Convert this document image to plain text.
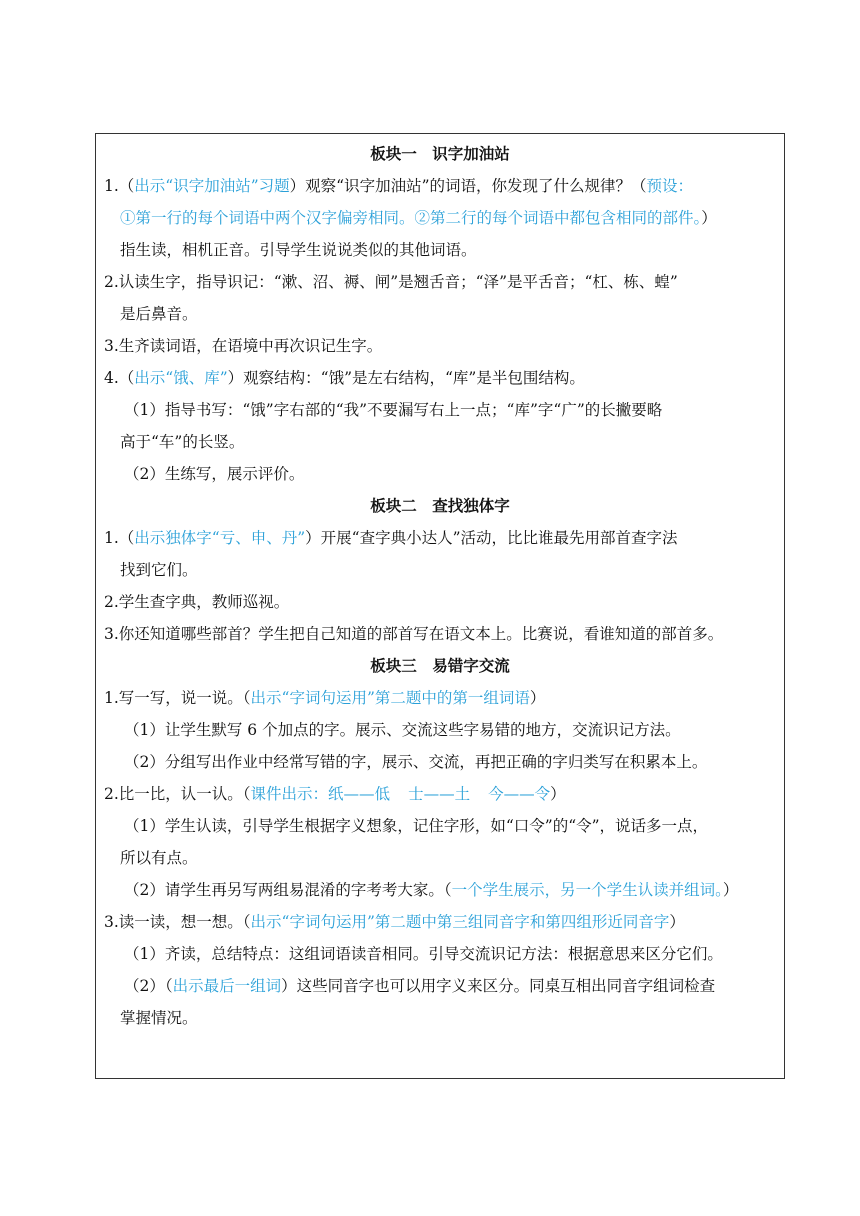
板块一　识字加油站
1.（出示“识字加油站”习题）观察“识字加油站”的词语，你发现了什么规律？（预设：
①第一行的每个词语中两个汉字偏旁相同。②第二行的每个词语中都包含相同的部件。）
指生读，相机正音。引导学生说说类似的其他词语。
2.认读生字，指导识记：“漱、沼、褥、闸”是翘舌音；“泽”是平舌音；“杠、栋、蝗”
是后鼻音。
3.生齐读词语，在语境中再次识记生字。
4.（出示“饿、库”）观察结构：“饿”是左右结构，“库”是半包围结构。
（1）指导书写：“饿”字右部的“我”不要漏写右上一点；“库”字“广”的长撇要略
高于“车”的长竖。
（2）生练写，展示评价。
板块二　查找独体字
1.（出示独体字“亏、申、丹”）开展“查字典小达人”活动，比比谁最先用部首查字法
找到它们。
2.学生查字典，教师巡视。
3.你还知道哪些部首？学生把自己知道的部首写在语文本上。比赛说，看谁知道的部首多。
板块三　易错字交流
1.写一写，说一说。（出示“字词句运用”第二题中的第一组词语）
（1）让学生默写 6 个加点的字。展示、交流这些字易错的地方，交流识记方法。
（2）分组写出作业中经常写错的字，展示、交流，再把正确的字归类写在积累本上。
2.比一比，认一认。（课件出示：纸——低 士——土 今——令）
（1）学生认读，引导学生根据字义想象，记住字形，如“口令”的“令”，说话多一点，
所以有点。
（2）请学生再另写两组易混淆的字考考大家。（一个学生展示，另一个学生认读并组词。）
3.读一读，想一想。（出示“字词句运用”第二题中第三组同音字和第四组形近同音字）
（1）齐读，总结特点：这组词语读音相同。引导交流识记方法：根据意思来区分它们。
（2）（出示最后一组词）这些同音字也可以用字义来区分。同桌互相出同音字组词检查
掌握情况。
